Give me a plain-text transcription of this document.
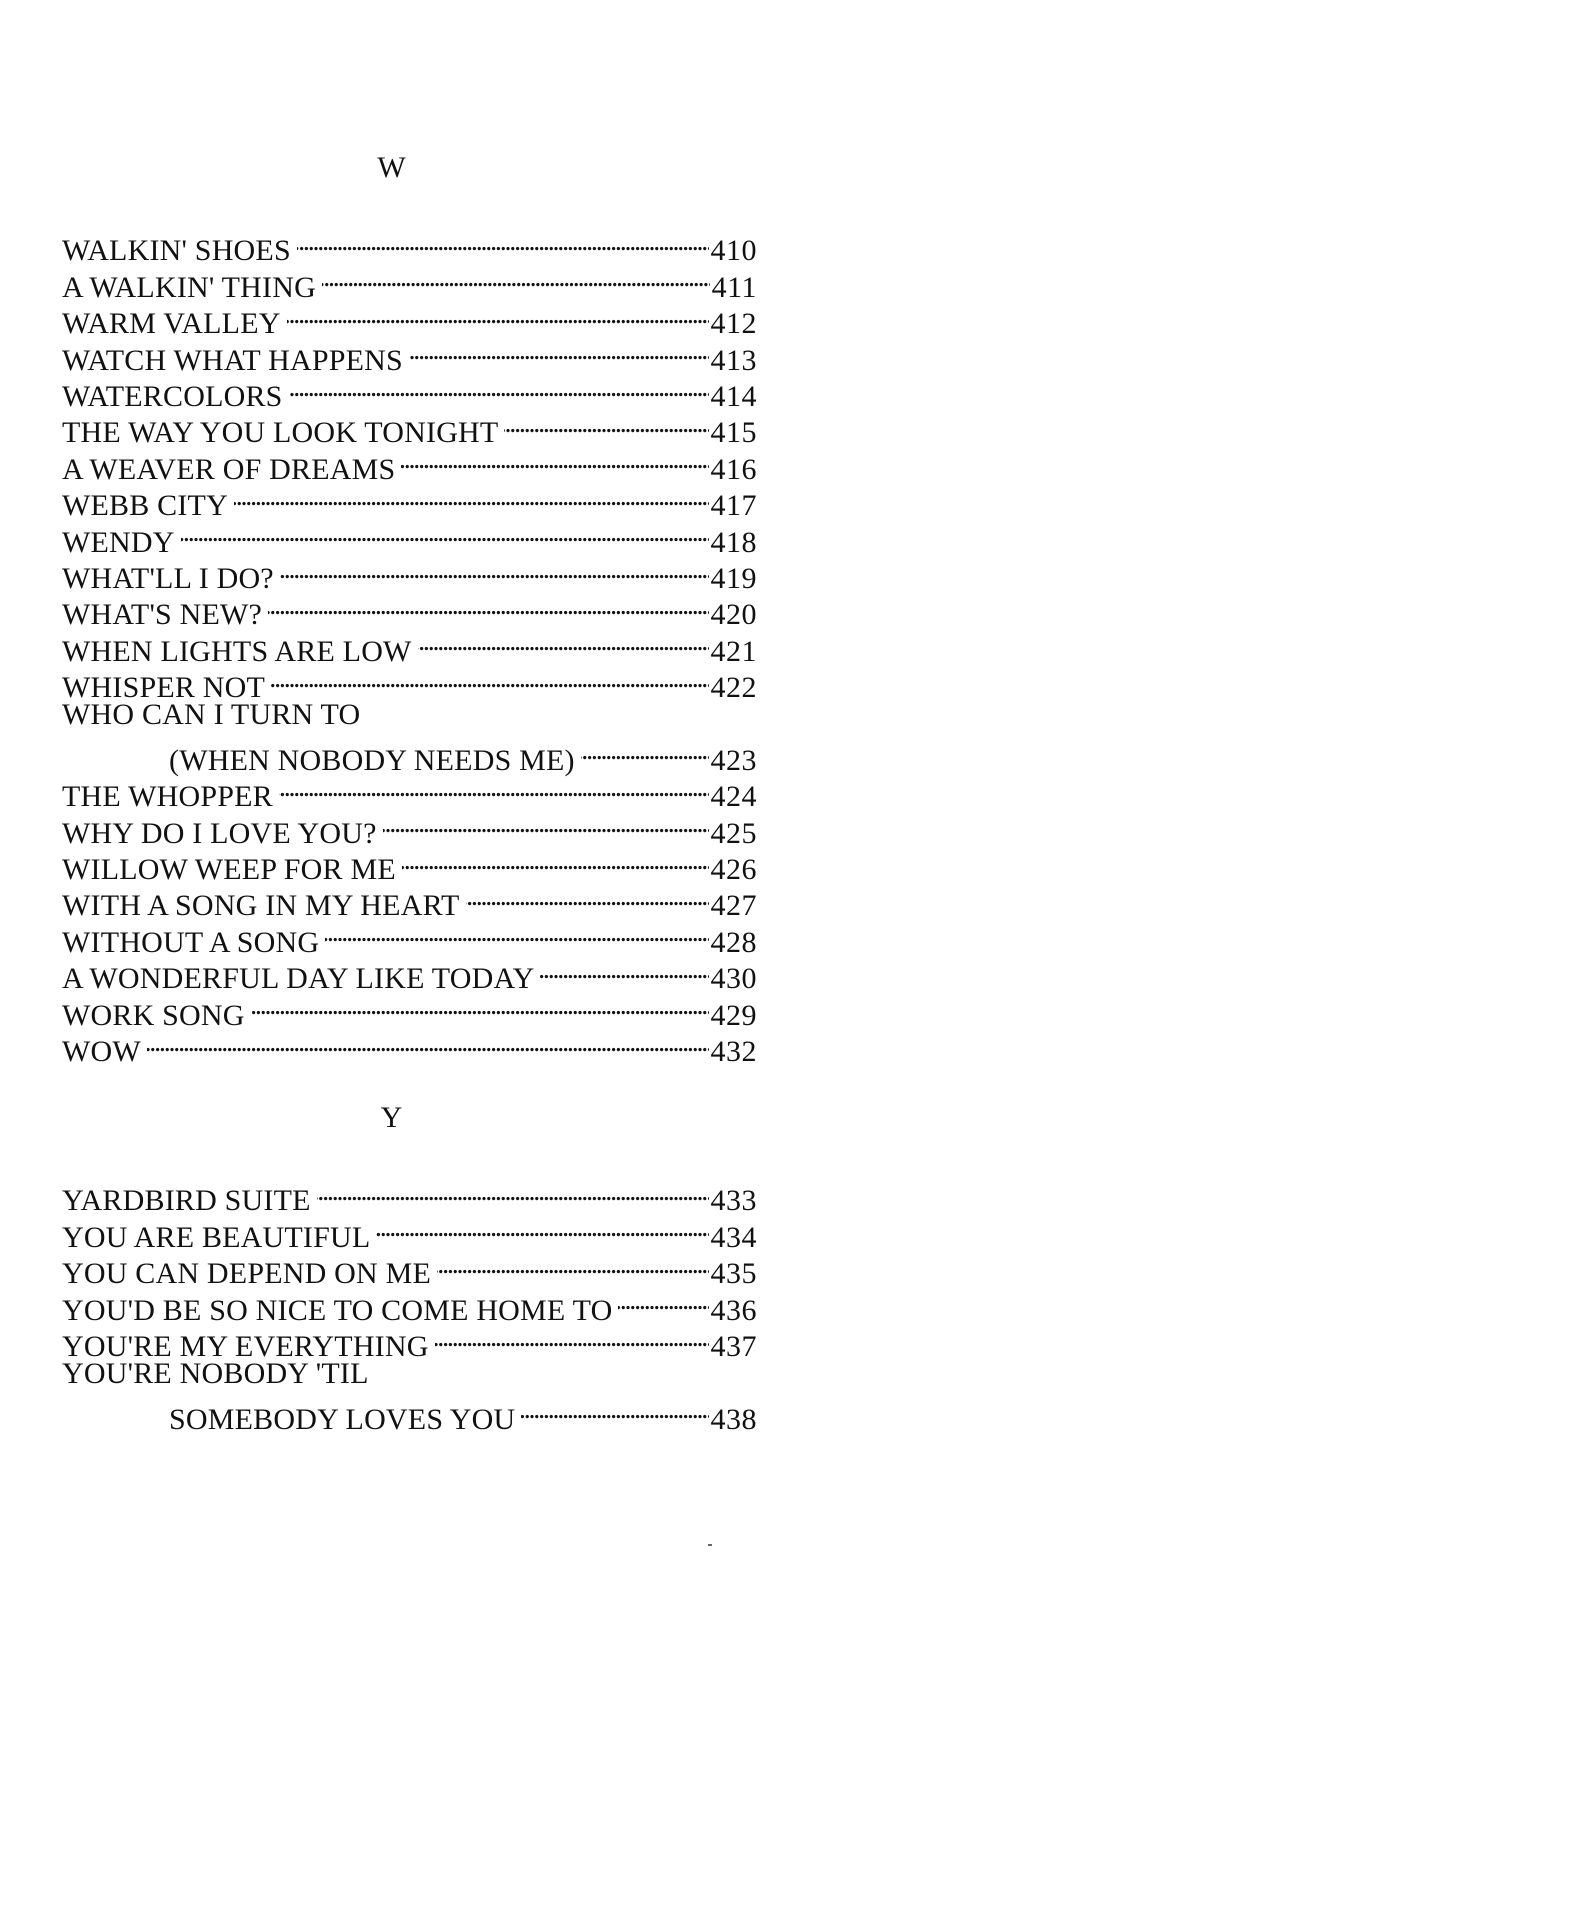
W
WALKIN' SHOES . . .	410
A WALKIN' THING . . .	411
WARM VALLEY . . .	412
WATCH WHAT HAPPENS . . .	413
WATERCOLORS . . .	414
THE WAY YOU LOOK TONIGHT . . .	415
A WEAVER OF DREAMS . . .	416
WEBB CITY . . .	417
WENDY . . .	418
WHAT'LL I DO? . . .	419
WHAT'S NEW? . . .	420
WHEN LIGHTS ARE LOW . . .	421
WHISPER NOT . . .	422
WHO CAN I TURN TO
(WHEN NOBODY NEEDS ME) . . .	423
THE WHOPPER . . .	424
WHY DO I LOVE YOU? . . .	425
WILLOW WEEP FOR ME . . .	426
WITH A SONG IN MY HEART . . .	427
WITHOUT A SONG . . .	428
A WONDERFUL DAY LIKE TODAY . . .	430
WORK SONG . . .	429
WOW . . .	432
Y
YARDBIRD SUITE . . .	433
YOU ARE BEAUTIFUL . . .	434
YOU CAN DEPEND ON ME . . .	435
YOU'D BE SO NICE TO COME HOME TO . . .	436
YOU'RE MY EVERYTHING . . .	437
YOU'RE NOBODY 'TIL
SOMEBODY LOVES YOU . . .	438
